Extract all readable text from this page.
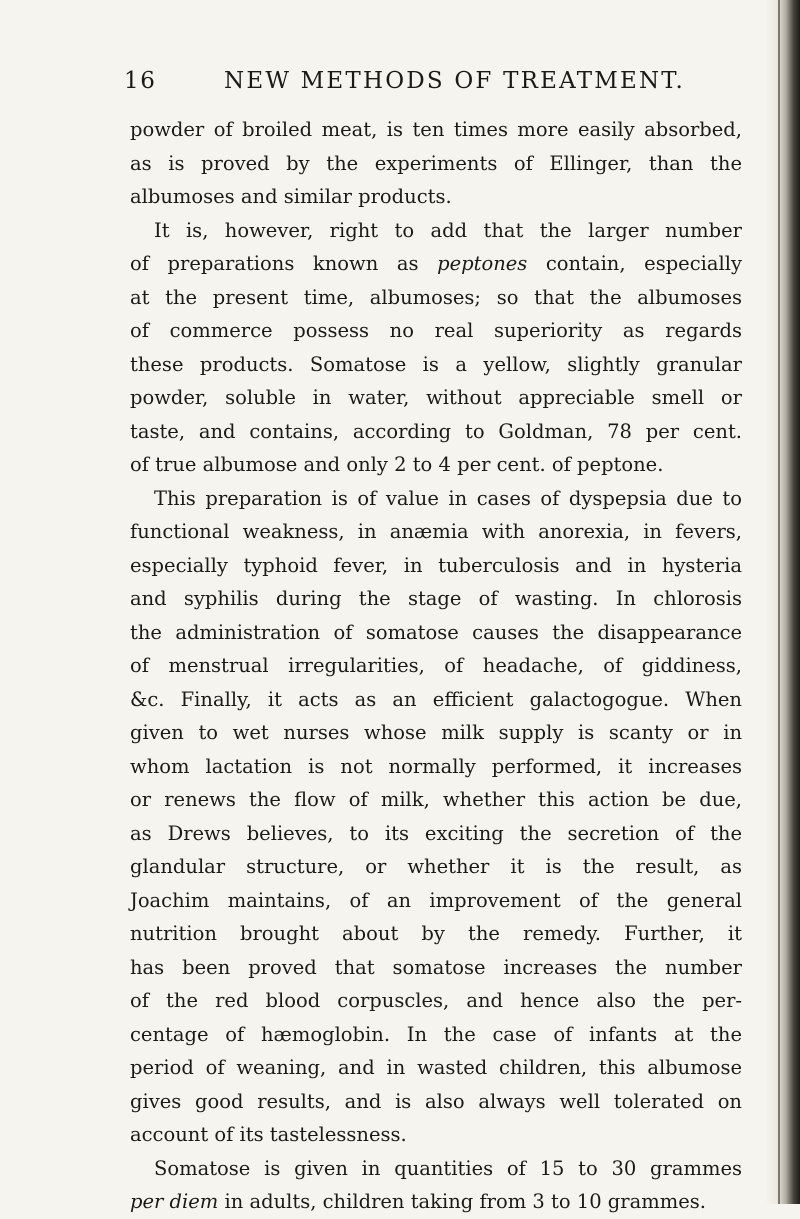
16	NEW METHODS OF TREATMENT.
powder of broiled meat, is ten times more easily absorbed,
as is proved by the experiments of Ellinger, than the
albumoses and similar products.
It is, however, right to add that the larger number
of preparations known as peptones contain, especially
at the present time, albumoses; so that the albumoses
of commerce possess no real superiority as regards
these products. Somatose is a yellow, slightly granular
powder, soluble in water, without appreciable smell or
taste, and contains, according to Goldman, 78 per cent.
of true albumose and only 2 to 4 per cent. of peptone.
This preparation is of value in cases of dyspepsia due to
functional weakness, in anæmia with anorexia, in fevers,
especially typhoid fever, in tuberculosis and in hysteria
and syphilis during the stage of wasting. In chlorosis
the administration of somatose causes the disappearance
of menstrual irregularities, of headache, of giddiness,
&c. Finally, it acts as an efficient galactogogue. When
given to wet nurses whose milk supply is scanty or in
whom lactation is not normally performed, it increases
or renews the flow of milk, whether this action be due,
as Drews believes, to its exciting the secretion of the
glandular structure, or whether it is the result, as
Joachim maintains, of an improvement of the general
nutrition brought about by the remedy. Further, it
has been proved that somatose increases the number
of the red blood corpuscles, and hence also the per-
centage of hæmoglobin. In the case of infants at the
period of weaning, and in wasted children, this albumose
gives good results, and is also always well tolerated on
account of its tastelessness.
Somatose is given in quantities of 15 to 30 grammes
per diem in adults, children taking from 3 to 10 grammes.
